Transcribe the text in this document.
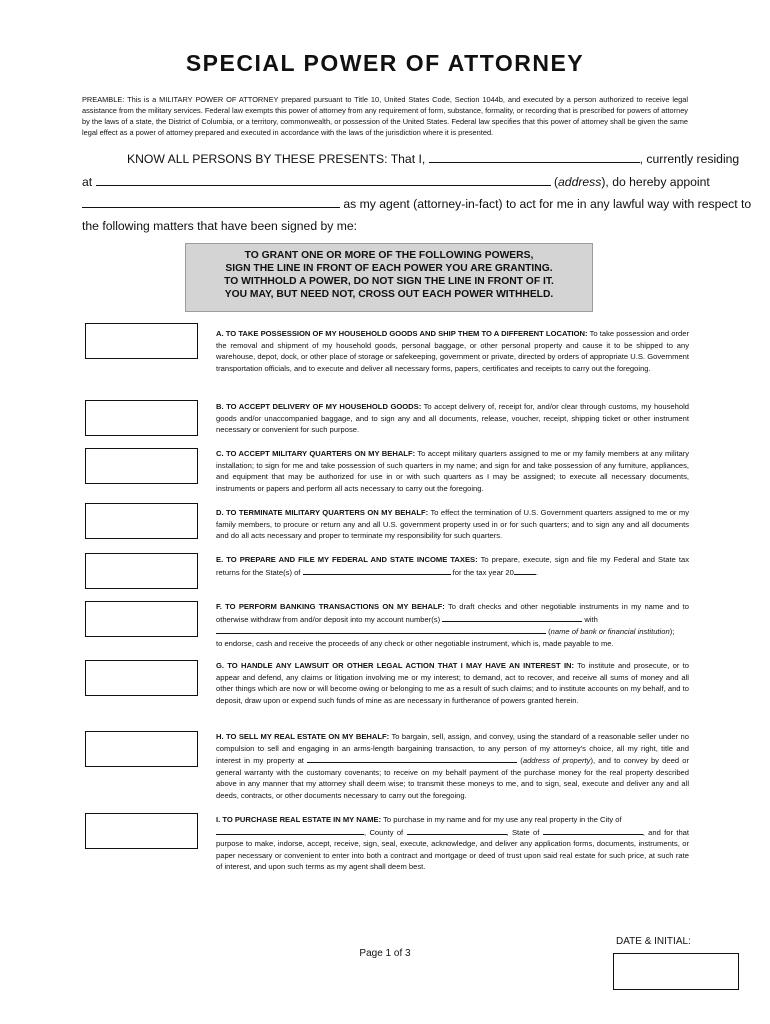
SPECIAL POWER OF ATTORNEY

PREAMBLE: This is a MILITARY POWER OF ATTORNEY prepared pursuant to Title 10, United States Code, Section 1044b, and executed by a person authorized to receive legal assistance from the military services. Federal law exempts this power of attorney from any requirement of form, substance, formality, or recording that is prescribed for powers of attorney by the laws of a state, the District of Columbia, or a territory, commonwealth, or possession of the United States. Federal law specifies that this power of attorney shall be given the same legal effect as a power of attorney prepared and executed in accordance with the laws of the jurisdiction where it is presented.

KNOW ALL PERSONS BY THESE PRESENTS: That I,	, currently residing

at	(address), do hereby appoint

as my agent (attorney-in-fact) to act for me in any lawful way with respect to

the following matters that have been signed by me:

TO GRANT ONE OR MORE OF THE FOLLOWING POWERS,
SIGN THE LINE IN FRONT OF EACH POWER YOU ARE GRANTING.
TO WITHHOLD A POWER, DO NOT SIGN THE LINE IN FRONT OF IT.
YOU MAY, BUT NEED NOT, CROSS OUT EACH POWER WITHHELD.

A. TO TAKE POSSESSION OF MY HOUSEHOLD GOODS AND SHIP THEM TO A DIFFERENT LOCATION: To take possession and order the removal and shipment of my household goods, personal baggage, or other personal property and cause it to be shipped to any warehouse, depot, dock, or other place of storage or safekeeping, government or private, directed by orders of appropriate U.S. Government transportation officials, and to execute and deliver all necessary forms, papers, certificates and receipts to carry out the foregoing.

B. TO ACCEPT DELIVERY OF MY HOUSEHOLD GOODS: To accept delivery of, receipt for, and/or clear through customs, my household goods and/or unaccompanied baggage, and to sign any and all documents, release, voucher, receipt, shipping ticket or other instrument necessary or convenient for such purpose.

C. TO ACCEPT MILITARY QUARTERS ON MY BEHALF: To accept military quarters assigned to me or my family members at any military installation; to sign for me and take possession of such quarters in my name; and sign for and take possession of any furniture, appliances, and equipment that may be authorized for use in or with such quarters as I may be assigned; to execute all necessary documents, instruments or papers and perform all acts necessary to carry out the foregoing.

D. TO TERMINATE MILITARY QUARTERS ON MY BEHALF: To effect the termination of U.S. Government quarters assigned to me or my family members, to procure or return any and all U.S. government property used in or for such quarters; and to sign any and all documents and do all acts necessary and proper to terminate my responsibility for such quarters.

E. TO PREPARE AND FILE MY FEDERAL AND STATE INCOME TAXES: To prepare, execute, sign and file my Federal and State tax returns for the State(s) of	for the tax year 20	.

F. TO PERFORM BANKING TRANSACTIONS ON MY BEHALF: To draft checks and other negotiable instruments in my name and to otherwise withdraw from and/or deposit into my account number(s)	with
(name of bank or financial institution);
to endorse, cash and receive the proceeds of any check or other negotiable instrument, which is, made payable to me.

G. TO HANDLE ANY LAWSUIT OR OTHER LEGAL ACTION THAT I MAY HAVE AN INTEREST IN: To institute and prosecute, or to appear and defend, any claims or litigation involving me or my interest; to demand, act to recover, and receive all sums of money and all other things which are now or will become owing or belonging to me as a result of such claims; and to institute accounts on my behalf, and to deposit, draw upon or expend such funds of mine as are necessary in furtherance of powers granted herein.

H. TO SELL MY REAL ESTATE ON MY BEHALF: To bargain, sell, assign, and convey, using the standard of a reasonable seller under no compulsion to sell and engaging in an arms-length bargaining transaction, to any person of my attorney’s choice, all my right, title and interest in my property at	(address of property), and to convey by deed or general warranty with the customary covenants; to receive on my behalf payment of the purchase money for the real property described above in any manner that my attorney shall deem wise; to transmit these moneys to me, and to sign, seal, execute and deliver any and all deeds, contracts, or other documents necessary to carry out the foregoing.

I. TO PURCHASE REAL ESTATE IN MY NAME: To purchase in my name and for my use any real property in the City of
, County of	, State of	, and for that purpose to make, indorse, accept, receive, sign, seal, execute, acknowledge, and deliver any application forms, documents, instruments, or paper necessary or convenient to enter into both a contract and mortgage or deed of trust upon said real estate for such price, at such rate of interest, and upon such terms as my agent shall deem best.

DATE & INITIAL:
Page 1 of 3
